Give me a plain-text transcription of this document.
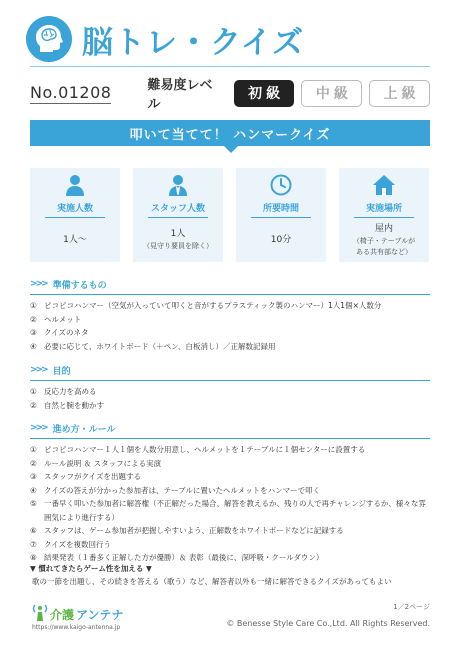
脳トレ・クイズ
No.01208	難易度レベル
初級	中級	上級
叩いて当てて！ ハンマークイズ
実施人数
1人〜
スタッフ人数
1人
（見守り要員を除く）
所要時間
10分
実施場所
屋内
（椅子・テーブルが
ある共有部など）
>>> 準備するもの
① ピコピコハンマー（空気が入っていて叩くと音がするプラスティック製のハンマー）1人1個×人数分
② ヘルメット
③ クイズのネタ
④ 必要に応じて、ホワイトボード（＋ペン、白板消し）／正解数記録用
>>> 目的
① 反応力を高める
② 自然と腕を動かす
>>> 進め方・ルール
① ピコピコハンマー１人１個を人数分用意し、ヘルメットを１テーブルに１個センターに設置する
② ルール説明 ＆ スタッフによる実演
③ スタッフがクイズを出題する
④ クイズの答えが分かった参加者は、テーブルに置いたヘルメットをハンマーで叩く
⑤ 一番早く叩いた参加者に解答権（不正解だった場合、解答を教えるか、残りの人で再チャレンジするか、様々な雰囲気により進行する）
⑥ スタッフは、ゲーム参加者が把握しやすいよう、正解数をホワイトボードなどに記録する
⑦ クイズを複数回行う
⑧ 結果発表（１番多く正解した方が優勝）＆ 表彰（最後に、深呼吸・クールダウン）
▼ 慣れてきたらゲーム性を加える ▼
歌の一節を出題し、その続きを答える（歌う）など、解答者以外も一緒に解答できるクイズがあってもよい
1／2ページ
介護 アンテナ
https://www.kaigo-antenna.jp	© Benesse Style Care Co.,Ltd. All Rights Reserved.
